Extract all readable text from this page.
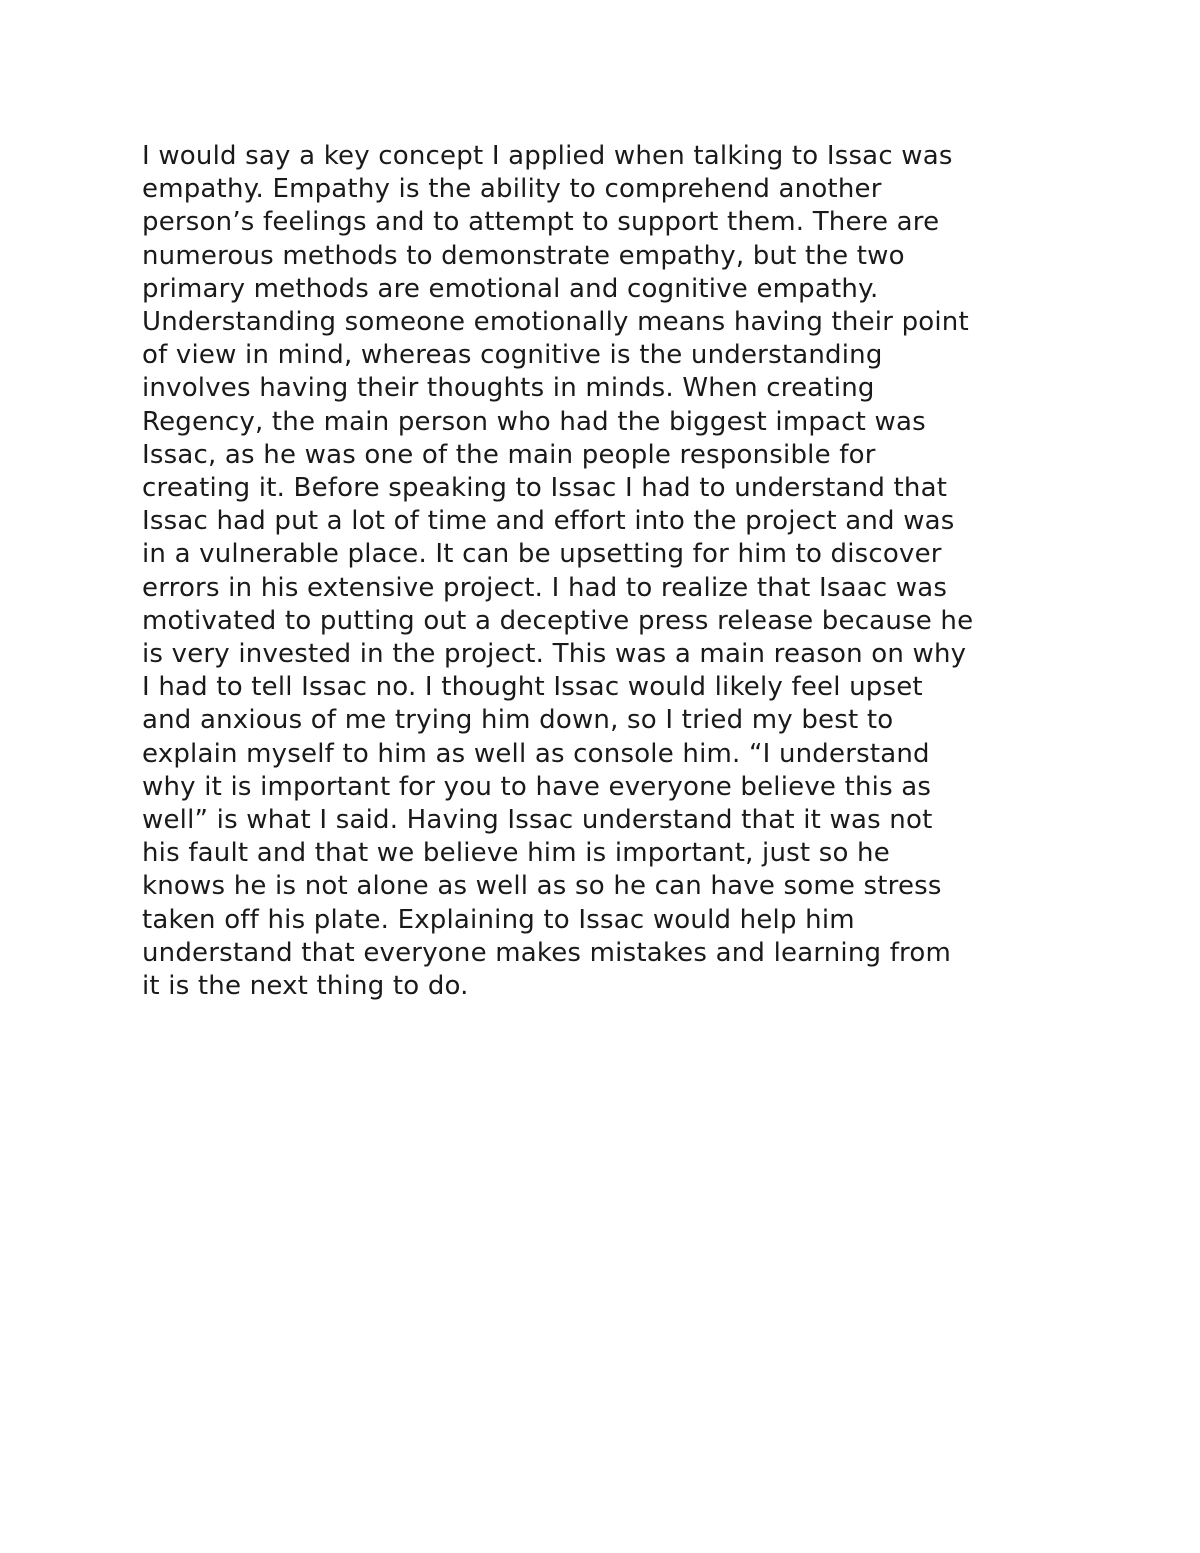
I would say a key concept I applied when talking to Issac was
empathy. Empathy is the ability to comprehend another
person’s feelings and to attempt to support them. There are
numerous methods to demonstrate empathy, but the two
primary methods are emotional and cognitive empathy.
Understanding someone emotionally means having their point
of view in mind, whereas cognitive is the understanding
involves having their thoughts in minds. When creating
Regency, the main person who had the biggest impact was
Issac, as he was one of the main people responsible for
creating it. Before speaking to Issac I had to understand that
Issac had put a lot of time and effort into the project and was
in a vulnerable place. It can be upsetting for him to discover
errors in his extensive project. I had to realize that Isaac was
motivated to putting out a deceptive press release because he
is very invested in the project. This was a main reason on why
I had to tell Issac no. I thought Issac would likely feel upset
and anxious of me trying him down, so I tried my best to
explain myself to him as well as console him. “I understand
why it is important for you to have everyone believe this as
well” is what I said. Having Issac understand that it was not
his fault and that we believe him is important, just so he
knows he is not alone as well as so he can have some stress
taken off his plate. Explaining to Issac would help him
understand that everyone makes mistakes and learning from
it is the next thing to do.
